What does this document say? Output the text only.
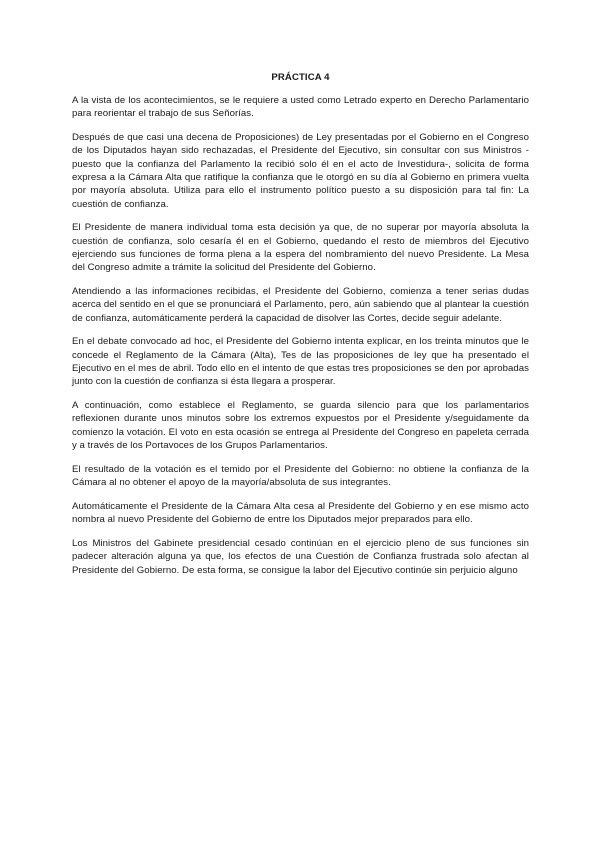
PRÁCTICA 4

A la vista de los acontecimientos, se le requiere a usted como Letrado experto en Derecho Parlamentario para reorientar el trabajo de sus Señorías.

Después de que casi una decena de Proposiciones) de Ley presentadas por el Gobierno en el Congreso de los Diputados hayan sido rechazadas, el Presidente del Ejecutivo, sin consultar con sus Ministros - puesto que la confianza del Parlamento la recibió solo él en el acto de Investidura-, solicita de forma expresa a la Cámara Alta que ratifique la confianza que le otorgó en su día al Gobierno en primera vuelta por mayoría absoluta. Utiliza para ello el instrumento político puesto a su disposición para tal fin: La cuestión de confianza.

El Presidente de manera individual toma esta decisión ya que, de no superar por mayoría absoluta la cuestión de confianza, solo cesaría él en el Gobierno, quedando el resto de miembros del Ejecutivo ejerciendo sus funciones de forma plena a la espera del nombramiento del nuevo Presidente. La Mesa del Congreso admite a trámite la solicitud del Presidente del Gobierno.

Atendiendo a las informaciones recibidas, el Presidente del Gobierno, comienza a tener serias dudas acerca del sentido en el que se pronunciará el Parlamento, pero, aún sabiendo que al plantear la cuestión de confianza, automáticamente perderá la capacidad de disolver las Cortes, decide seguir adelante.

En el debate convocado ad hoc, el Presidente del Gobierno intenta explicar, en los treinta minutos que le concede el Reglamento de la Cámara (Alta), Tes de las proposiciones de ley que ha presentado el Ejecutivo en el mes de abril. Todo ello en el intento de que estas tres proposiciones se den por aprobadas junto con la cuestión de confianza si ésta llegara a prosperar.

A continuación, como establece el Reglamento, se guarda silencio para que los parlamentarios reflexionen durante unos minutos sobre los extremos expuestos por el Presidente y/seguidamente da comienzo la votación. El voto en esta ocasión se entrega al Presidente del Congreso en papeleta cerrada y a través de los Portavoces de los Grupos Parlamentarios.

El resultado de la votación es el temido por el Presidente del Gobierno: no obtiene la confianza de la Cámara al no obtener el apoyo de la mayoría/absoluta de sus integrantes.

Automáticamente el Presidente de la Cámara Alta cesa al Presidente del Gobierno y en ese mismo acto nombra al nuevo Presidente del Gobierno de entre los Diputados mejor preparados para ello.

Los Ministros del Gabinete presidencial cesado continúan en el ejercicio pleno de sus funciones sin padecer alteración alguna ya que, los efectos de una Cuestión de Confianza frustrada solo afectan al Presidente del Gobierno. De esta forma, se consigue la labor del Ejecutivo continúe sin perjuicio alguno
